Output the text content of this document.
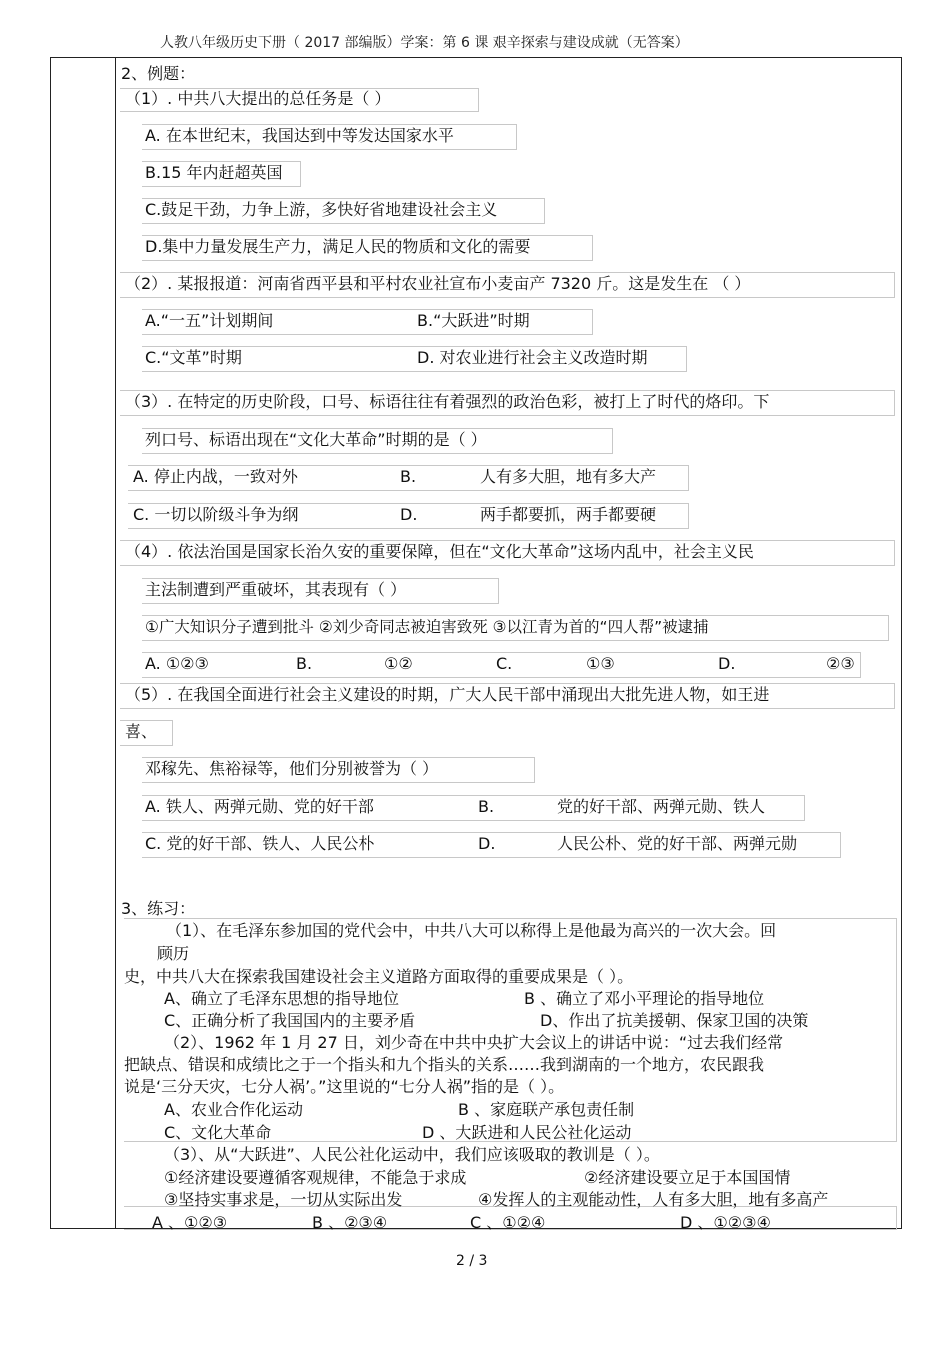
人教八年级历史下册（ 2017 部编版）学案：第 6 课 艰辛探索与建设成就（无答案）
2、例题：
（1）. 中共八大提出的总任务是（ ）
A. 在本世纪末，我国达到中等发达国家水平
B.15 年内赶超英国
C.鼓足干劲，力争上游，多快好省地建设社会主义
D.集中力量发展生产力，满足人民的物质和文化的需要
（2）. 某报报道：河南省西平县和平村农业社宣布小麦亩产 7320 斤。这是发生在 （ ）
A.“一五”计划期间	B.“大跃进”时期
C.“文革”时期	D. 对农业进行社会主义改造时期
（3）. 在特定的历史阶段，口号、标语往往有着强烈的政治色彩，被打上了时代的烙印。下
列口号、标语出现在“文化大革命”时期的是（ ）
A. 停止内战，一致对外	B.	人有多大胆，地有多大产
C. 一切以阶级斗争为纲	D.	两手都要抓，两手都要硬
（4）. 依法治国是国家长治久安的重要保障，但在“文化大革命”这场内乱中，社会主义民
主法制遭到严重破坏，其表现有（ ）
①广大知识分子遭到批斗 ②刘少奇同志被迫害致死 ③以江青为首的“四人帮”被逮捕
A. ①②③	B.	①②	C.	①③	D.	②③
（5）. 在我国全面进行社会主义建设的时期，广大人民干部中涌现出大批先进人物，如王进
喜、
邓稼先、焦裕禄等，他们分别被誉为（ ）
A. 铁人、两弹元勋、党的好干部	B.	党的好干部、两弹元勋、铁人
C. 党的好干部、铁人、人民公朴	D.	人民公朴、党的好干部、两弹元勋
3、练习：
（1）、在毛泽东参加国的党代会中，中共八大可以称得上是他最为高兴的一次大会。回
顾历
史，中共八大在探索我国建设社会主义道路方面取得的重要成果是（ ）。
A、确立了毛泽东思想的指导地位	B 、确立了邓小平理论的指导地位
C、正确分析了我国国内的主要矛盾	D、作出了抗美援朝、保家卫国的决策
（2）、1962 年 1 月 27 日，刘少奇在中共中央扩大会议上的讲话中说：“过去我们经常
把缺点、错误和成绩比之于一个指头和九个指头的关系……我到湖南的一个地方，农民跟我
说是‘三分天灾，七分人祸’。”这里说的“七分人祸”指的是（ ）。
A、农业合作化运动	B 、家庭联产承包责任制
C、文化大革命	D 、大跃进和人民公社化运动
（3）、从“大跃进”、人民公社化运动中，我们应该吸取的教训是（ ）。
①经济建设要遵循客观规律，不能急于求成	②经济建设要立足于本国国情
③坚持实事求是，一切从实际出发	④发挥人的主观能动性，人有多大胆，地有多高产
A 、①②③	B 、②③④	C 、①②④	D 、①②③④
2 / 3
